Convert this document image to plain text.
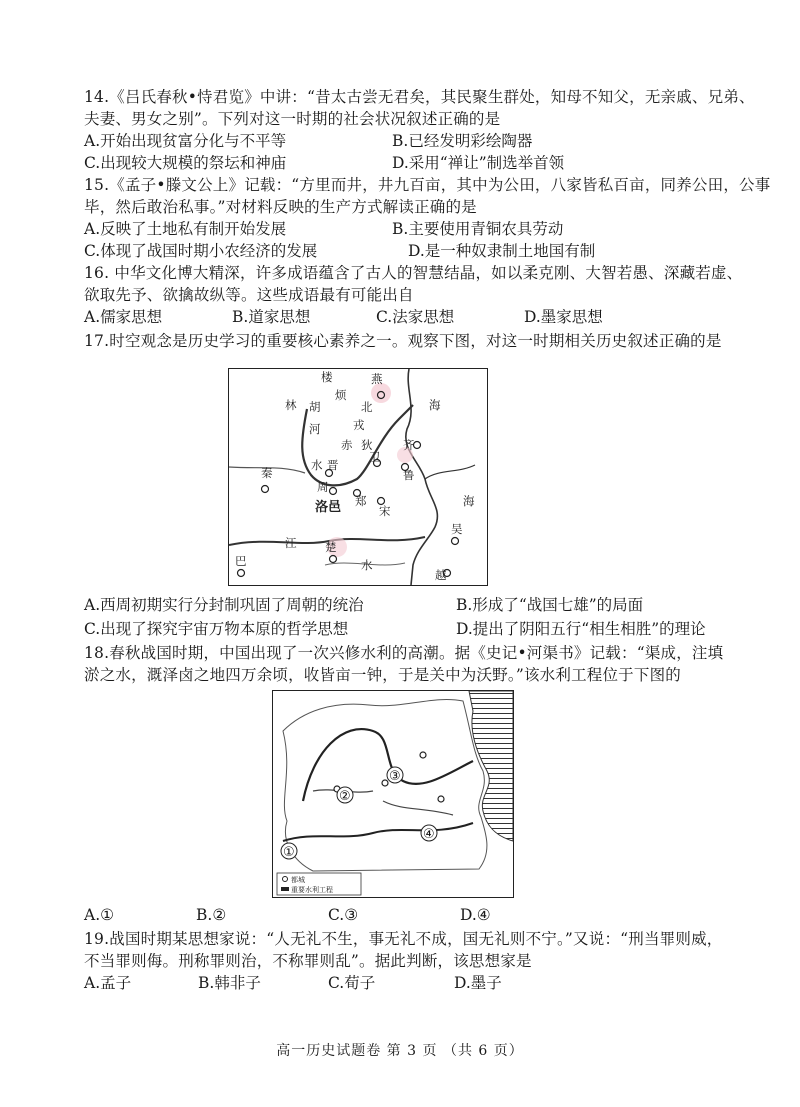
14.《吕氏春秋•恃君览》中讲：“昔太古尝无君矣，其民聚生群处，知母不知父，无亲戚、兄弟、
夫妻、男女之别”。下列对这一时期的社会状况叙述正确的是
A.开始出现贫富分化与不平等	B.已经发明彩绘陶器
C.出现较大规模的祭坛和神庙	D.采用“禅让”制选举首领
15.《孟子•滕文公上》记载：“方里而井，井九百亩，其中为公田，八家皆私百亩，同养公田，公事
毕，然后敢治私事。”对材料反映的生产方式解读正确的是
A.反映了土地私有制开始发展	B.主要使用青铜农具劳动
C.体现了战国时期小农经济的发展	D.是一种奴隶制土地国有制
16. 中华文化博大精深，许多成语蕴含了古人的智慧结晶，如以柔克刚、大智若愚、深藏若虚、
欲取先予、欲擒故纵等。这些成语最有可能出自
A.儒家思想	B.道家思想	C.法家思想	D.墨家思想
17.时空观念是历史学习的重要核心素养之一。观察下图，对这一时期相关历史叙述正确的是
楼
烦
燕
林 胡	北
戎
海
河
赤 狄	齐
水 晋
卫
秦
周
郑
鲁
洛邑	宋
海
吴
江 楚
巴	水
越
A.西周初期实行分封制巩固了周朝的统治	B.形成了“战国七雄”的局面
C.出现了探究宇宙万物本原的哲学思想	D.提出了阴阳五行“相生相胜”的理论
18.春秋战国时期，中国出现了一次兴修水利的高潮。据《史记•河渠书》记载：“渠成，注填
淤之水，溉泽卤之地四万余顷，收皆亩一钟，于是关中为沃野。”该水利工程位于下图的
①
②
③
④
都城
重要水利工程
A.①	B.②	C.③	D.④
19.战国时期某思想家说：“人无礼不生，事无礼不成，国无礼则不宁。”又说：“刑当罪则威，
不当罪则侮。刑称罪则治，不称罪则乱”。据此判断，该思想家是
A.孟子	B.韩非子	C.荀子	D.墨子
高一历史试题卷 第 3 页 （共 6 页）
